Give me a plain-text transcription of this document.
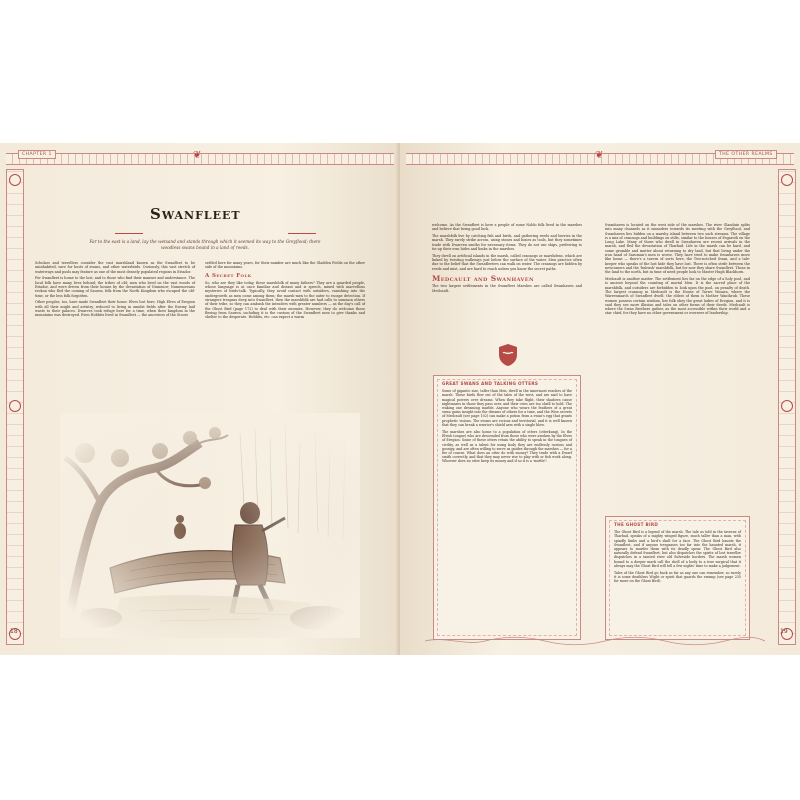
CHAPTER 1	❦
Swanfleet
Far to the east is a land, lay the wetsand and stands through which it seemed its way to the Greyflood; there woodless swans bound in a land of reeds.

Scholars and travellers consider the vast marshland known as the Swanfleet to be uninhabited, save for hosts of swans, and other waterbirds. Curiously, this vast stretch of waterways and pools may feature as one of the most densely populated regions in Eriador.

For Swanfleet is home to the lost, and to those who find their manner and understance. The local folk have many lives behind; the tribes of old; men who lived on the vast woods of Eriador, and were driven from their homes by the devastation of Numenor; Numenoreans reckon who fled the coming of Sauron, folk from the North Kingdom who escaped the old-time, or the less folk forgotten.

Other peoples, too, have made Swanfleet their home. Elves lost here, High Elves of Eregion with all their might and artistry, reduced to living in amidst fields after the Enemy laid waste to their palaces. Dwarves took refuge here for a time, when their kingdom in the mountains was destroyed. Even Hobbits lived in Swanfleet — the ancestors of the Stoors

settled here for many years, for their number are much like the Gladden Fields on the other side of the mountains.

A Secret Folk

So, who are they like today, these marshfolk of many fathers? They are a guarded people, whose language is at once familiar and distant and is speech, mixed with marvellous mysteries of birds-talk. Typically, they avoid contact with outsiders, vanishing into the undergrowth as men come among them; the marsh-men to the outer to escape detection. If strangers trespass deep into Swanfleet, then the marshfolk are had calls to summon others of their tribe, so they can ambush the intruders with greater numbers — as the day's call of the Ghost Bird (page 172) to deal with their enemies. However, they do welcome those fleeing from Sauron, including it is the custom of the Swanfleet men to give thanks and shelter to the desperate. Hobbits, etc. can expect a warm

18
THE OTHER REALMS
❦

welcome. As the Swanfleet is here a people of some Noldo folk lived in the marshes and believe that being good luck.

The marshfolk live by catching fish and birds, and gathering reeds and berries in the marsh. They rarely strike across, using stones and bones as tools, but they sometimes trade with Dwarven smiths for necessary items. They do not use ships, preferring to tie up their own hides and limbs in the marshes.

They dwell on artificial islands in the marsh, called crannogs or marshdens, which are linked by twisting walkways just below the surface of the water. Men practice often due to the belief that the Swanfleeters can walk on water. The crannogs are hidden by reeds and mist, and are hard to reach unless you know the secret paths.

Medcault and Swanhaven

The two largest settlements in the Swanfleet Marshes are called Swanhaven and Medcault.

GREAT SWANS AND TALKING OTTERS

Some of gigantic size, taller than Men, dwell in the innermost reaches of the marsh. These birds flew out of the tales of the west, and are said to have magical powers over dreams. When they take flight, their shadows cause nightmares in those they pass over, and their cries are too shrill to hold. The waking one dreaming marble. Anyone who wears the feathers of a great swan gains insight into the dreams of others for a time, and the Wise secrets of Medcault (see page 102) can make a potion from a swan's egg that grants prophetic visions. The swans are vicious and territorial, and it is well known that they can break a warrior's shield arm with a single blow.

The marshes are also home to a population of otters (otterkung). In the Elvish tongue) who are descended from those who were awoken by the Elves of Eregion. Some of these otters retain the ability to speak in the tongues of civility, as well as a talent for using body they are endlessly curious and gossipy, and are often willing to serve as guides through the marshes — for a fee of course. What does an otter do with money? They trade with a Dwarf smith correctly, and that they may never rise to play with or fish work along. Whoever does no otter keep its money and if so it is a 'mottle'!

Swanhaven is located on the west side of the marshes. The river Glanduin splits into many channels as it meanders towards its meeting with the Greyflood, and Swanhaven lies hidden on a marshy island between two such streams. The village is a mix of crannogs and buildings on stilts, similar to the houses of Esgaroth on the Long Lake. Many of those who dwell in Swanhaven are recent arrivals in the marsh, and fled the devastation of Tharbad. Life in the marsh can be hard, and some grumble and mutter about returning to dry land, but that living under the iron hand of Saruman's men is worse. They have tried to make Swanhaven more like home — there's a tavern of sorts here, the Two-notched Swan, and a tale-keeper who speaks of the lost hide they have lost. There is often strife between the newcomers and the 'bulrush' marshfolk, but for now they share Swanfleet. Those in the land to the north, but in time of need people look to Master Hugh Blackhorn.

Medcault is another matter. The settlement lies far on the edge of a holy pool, and is ancient beyond the counting of mortal Men. It is the sacred place of the marshfolk, and outsiders are forbidden to look upon the pool, on penalty of death. The largest crannog in Medcault is the House of Tarwe Wozara, where the Warrenmarch of Swanfleet dwell: the eldest of them is Mother Wanthrub. These women possess certain wisdom, her folk obey the great ladies of Eregion, and it is said they see more illusion and tales on other forms of their deeds. Medcault is where the Swan Brothers gather, as the most accessible within their world and a star chief, for they have no other government or overseer of leadership.

THE GHOST BIRD

The Ghost Bird is a legend of the marsh. The tale as told in the taverns of Tharbad, speaks of a mighty winged figure, much taller than a man, with spindly limbs and a bird's skull for a face. The Ghost Bird haunts the Swanfleet, and if anyone trespasses too far into the haunted marsh, it appears to murder them with its deadly spear. The Ghost Bird also naturally defend Swanfleet, but also dispatches the spirits of lost traveller dispatches in a tainted river old Sulveside borders. The marsh women bound to a deeper mark call the shell of a body to a true surgical that it always may the Ghost Bird will tell a few nights' time to make a judgement.

Tales of the Ghost Bird go back as far as any one can remember, so surely it is some deathless Wight or spirit that guards the swamp (see page 235 for more on the Ghost Bird).

19
